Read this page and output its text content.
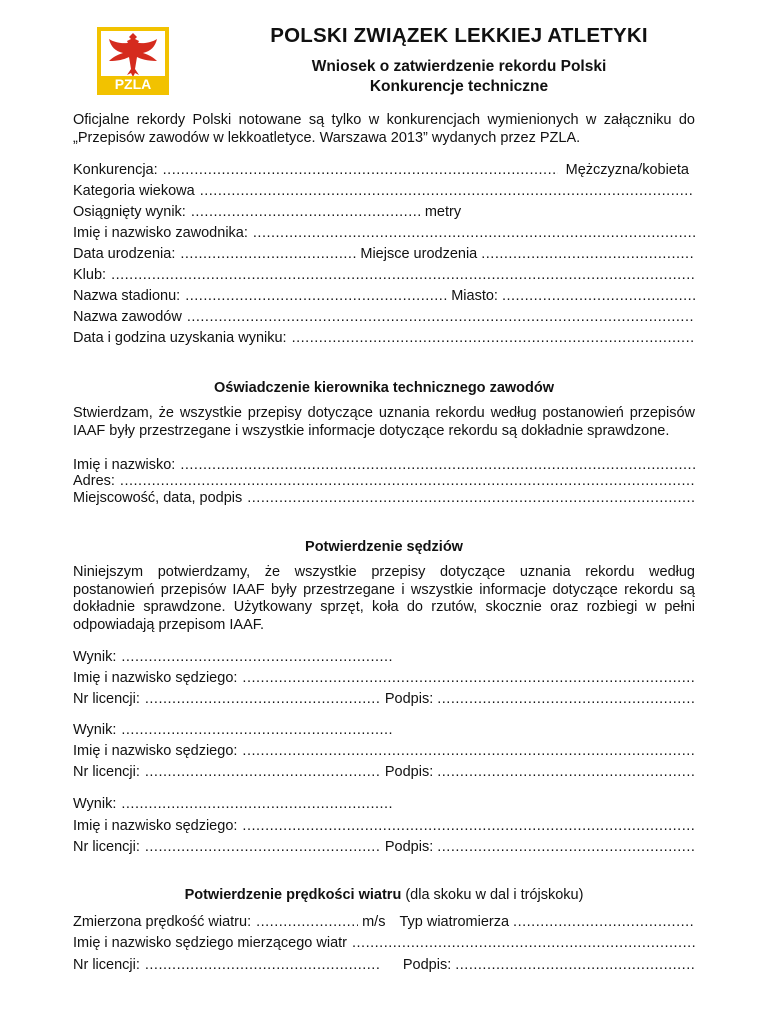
PZLA
POLSKI ZWIĄZEK LEKKIEJ ATLETYKI
Wniosek o zatwierdzenie rekordu Polski
Konkurencje techniczne
Oficjalne rekordy Polski notowane są tylko w konkurencjach wymienionych w załączniku do „Przepisów zawodów w lekkoatletyce. Warszawa 2013” wydanych przez PZLA.
Konkurencja: .....	Mężczyzna/kobieta
Kategoria wiekowa
.....
Osiągnięty wynik: .....	metry
Imię i nazwisko zawodnika:
.....
Data urodzenia: .....	Miejsce urodzenia
.....
Klub:
.....
Nazwa stadionu: .....	Miasto:
.....
Nazwa zawodów
.....
Data i godzina uzyskania wyniku:
.....
Oświadczenie kierownika technicznego zawodów
Stwierdzam, że wszystkie przepisy dotyczące uznania rekordu według postanowień przepisów IAAF były przestrzegane i wszystkie informacje dotyczące rekordu są dokładnie sprawdzone.
Imię i nazwisko:
.....
Adres:
.....
Miejscowość, data, podpis
.....
Potwierdzenie sędziów
Niniejszym potwierdzamy, że wszystkie przepisy dotyczące uznania rekordu według postanowień przepisów IAAF były przestrzegane i wszystkie informacje dotyczące rekordu są dokładnie sprawdzone. Użytkowany sprzęt, koła do rzutów, skocznie oraz rozbiegi w pełni odpowiadają przepisom IAAF.
Wynik:
.....
Imię i nazwisko sędziego:
.....
Nr licencji: .....	Podpis:
.....
Wynik:
.....
Imię i nazwisko sędziego:
.....
Nr licencji: .....	Podpis:
.....
Wynik:
.....
Imię i nazwisko sędziego:
.....
Nr licencji: .....	Podpis:
.....
Potwierdzenie prędkości wiatru (dla skoku w dal i trójskoku)
Zmierzona prędkość wiatru: .....	m/s Typ wiatromierza
.....
Imię i nazwisko sędziego mierzącego wiatr
.....
Nr licencji: .....	Podpis:
.....
